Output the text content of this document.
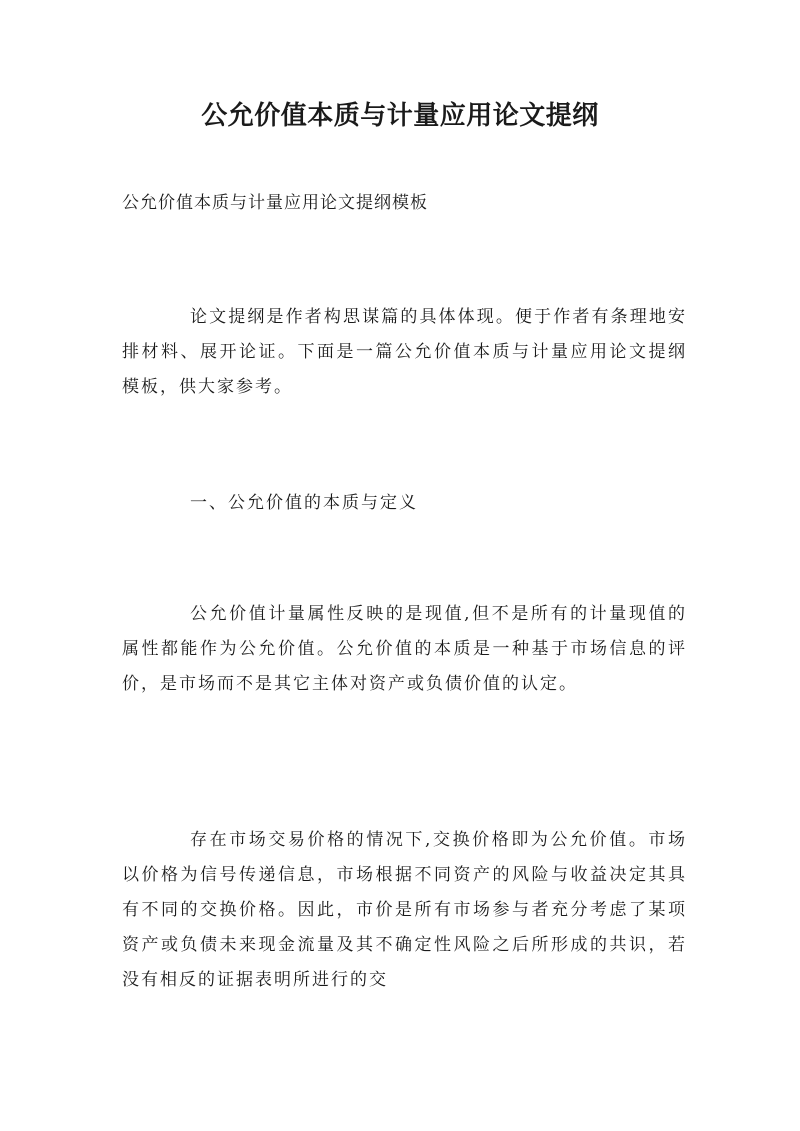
公允价值本质与计量应用论文提纲

公允价值本质与计量应用论文提纲模板

论文提纲是作者构思谋篇的具体体现。便于作者有条理地安排材料、展开论证。下面是一篇公允价值本质与计量应用论文提纲模板，供大家参考。

一、公允价值的本质与定义

公允价值计量属性反映的是现值,但不是所有的计量现值的属性都能作为公允价值。公允价值的本质是一种基于市场信息的评价，是市场而不是其它主体对资产或负债价值的认定。

存在市场交易价格的情况下,交换价格即为公允价值。市场以价格为信号传递信息，市场根据不同资产的风险与收益决定其具有不同的交换价格。因此，市价是所有市场参与者充分考虑了某项资产或负债未来现金流量及其不确定性风险之后所形成的共识，若没有相反的证据表明所进行的交
